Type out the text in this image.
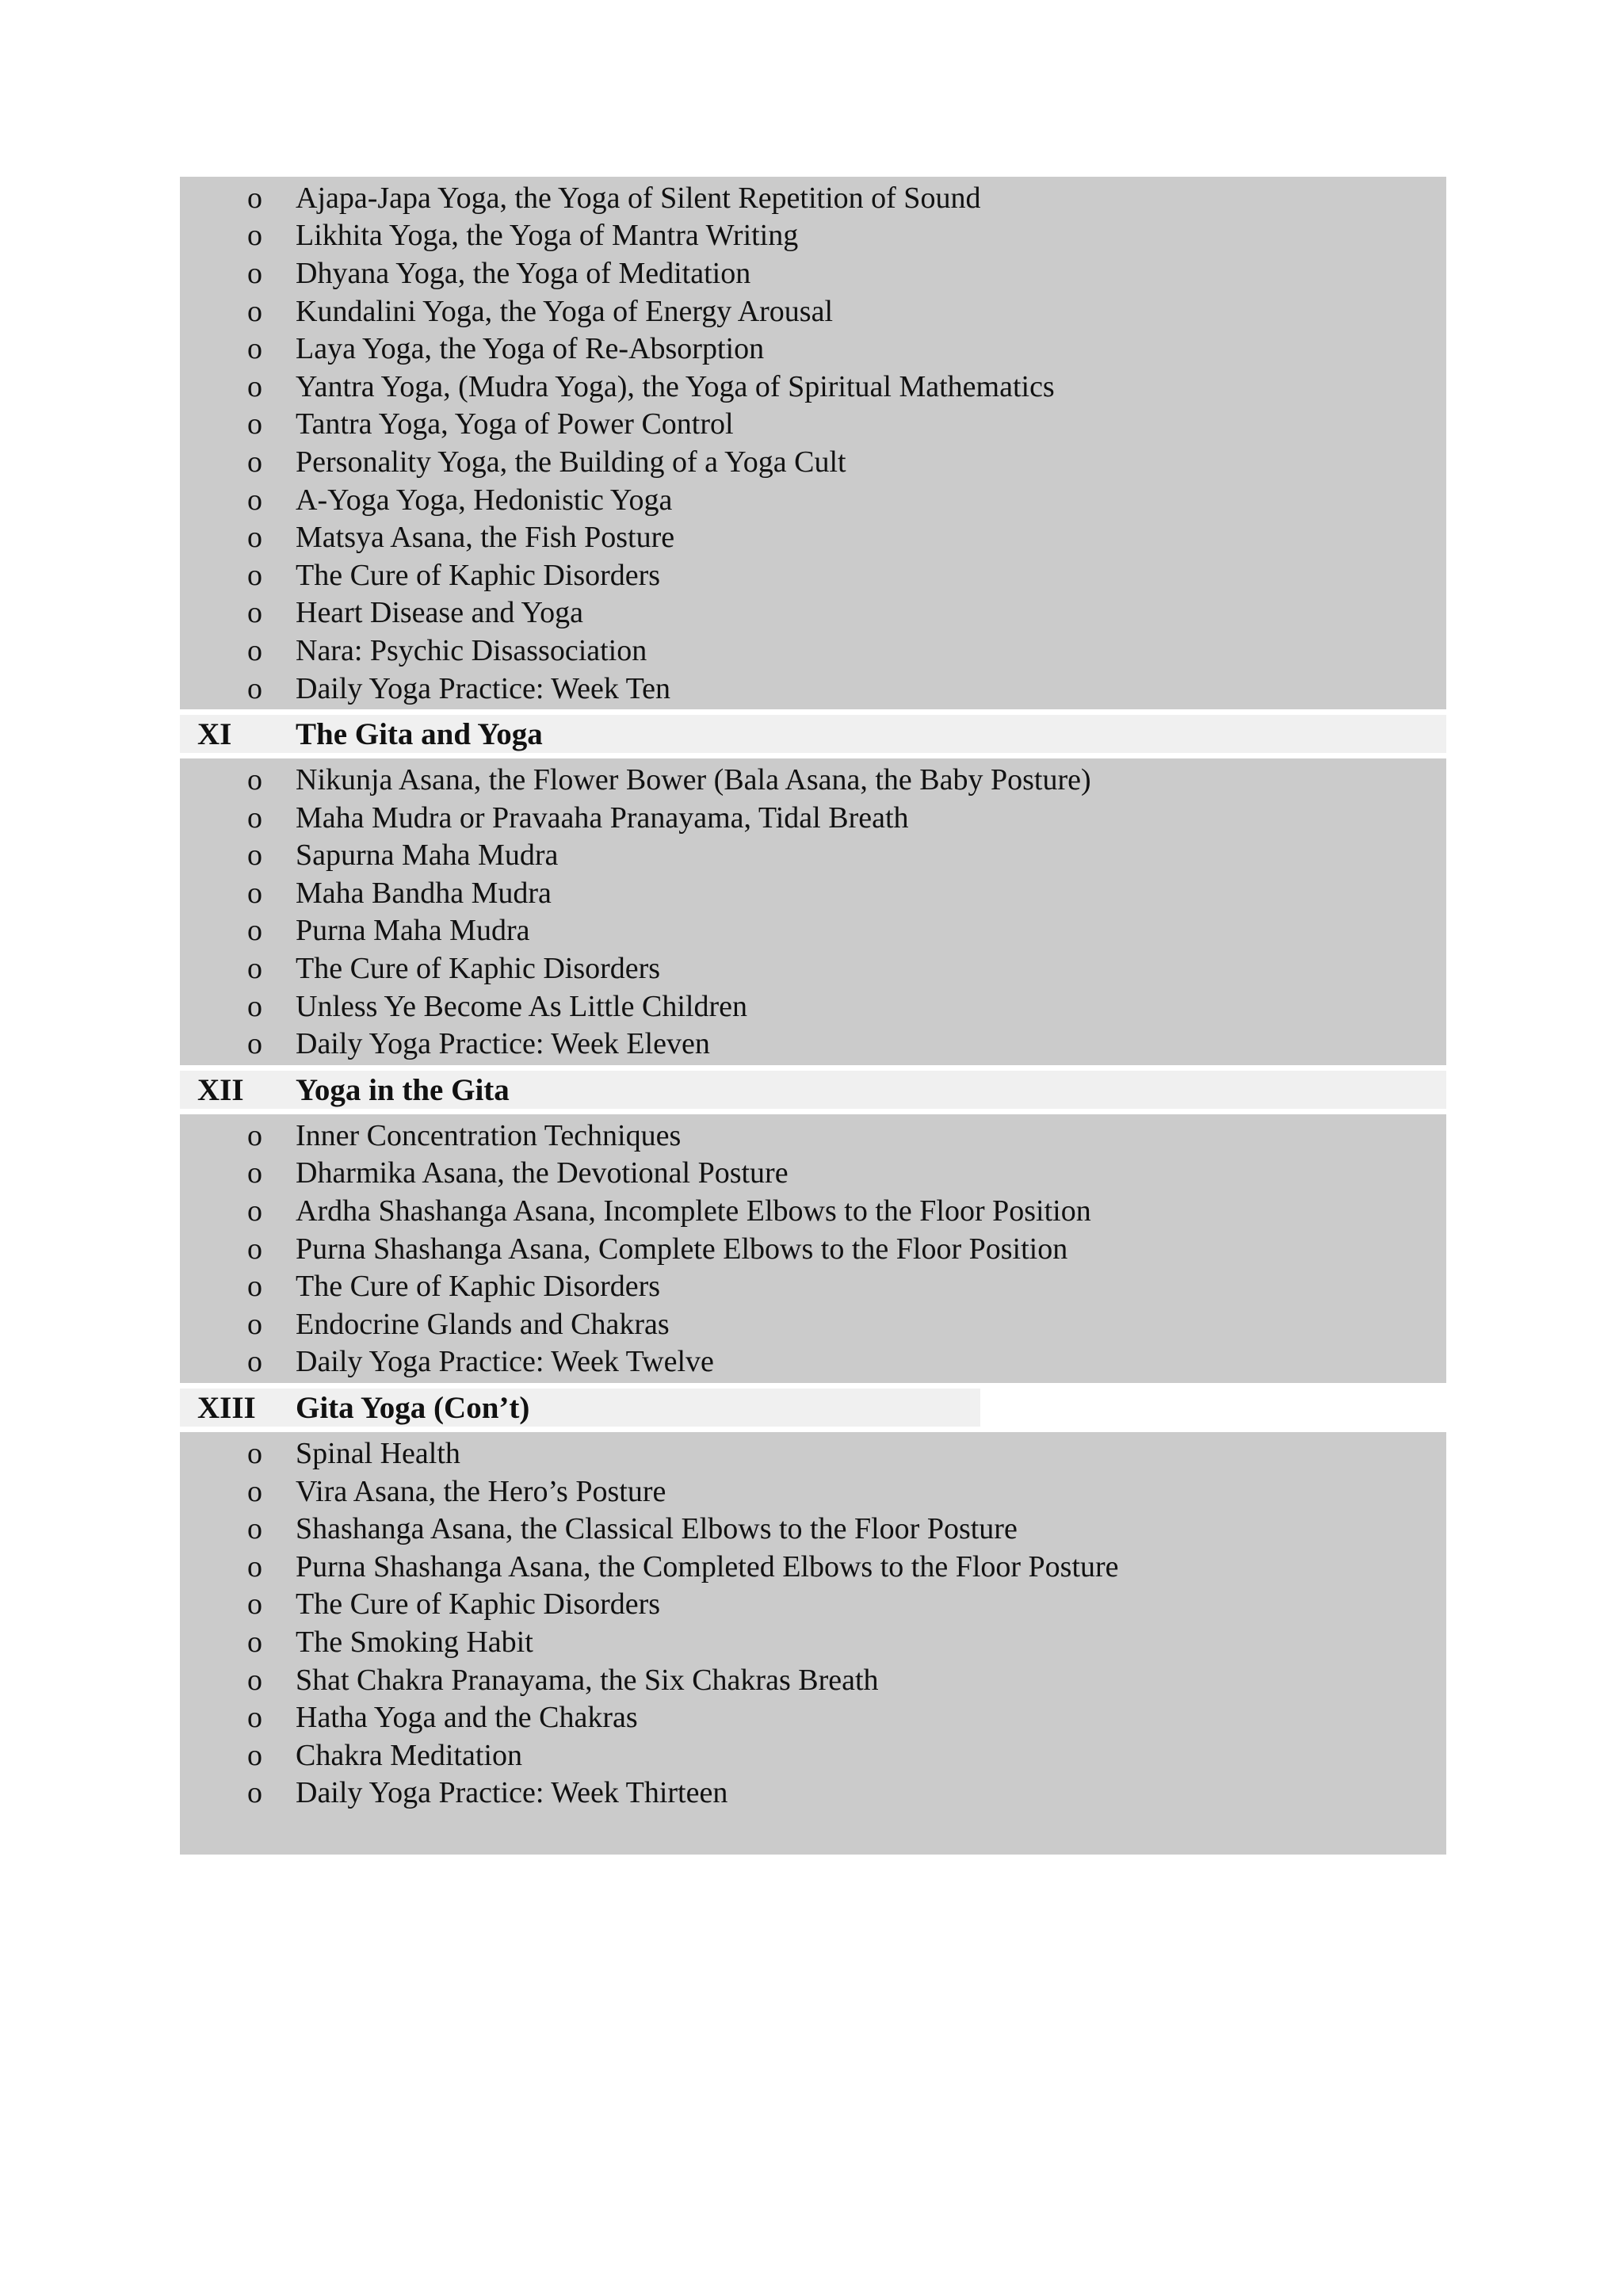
o	Ajapa-Japa Yoga, the Yoga of Silent Repetition of Sound
o	Likhita Yoga, the Yoga of Mantra Writing
o	Dhyana Yoga, the Yoga of Meditation
o	Kundalini Yoga, the Yoga of Energy Arousal
o	Laya Yoga, the Yoga of Re-Absorption
o	Yantra Yoga, (Mudra Yoga), the Yoga of Spiritual Mathematics
o	Tantra Yoga, Yoga of Power Control
o	Personality Yoga, the Building of a Yoga Cult
o	A-Yoga Yoga, Hedonistic Yoga
o	Matsya Asana, the Fish Posture
o	The Cure of Kaphic Disorders
o	Heart Disease and Yoga
o	Nara: Psychic Disassociation
o	Daily Yoga Practice: Week Ten
XI	The Gita and Yoga
o	Nikunja Asana, the Flower Bower (Bala Asana, the Baby Posture)
o	Maha Mudra or Pravaaha Pranayama, Tidal Breath
o	Sapurna Maha Mudra
o	Maha Bandha Mudra
o	Purna Maha Mudra
o	The Cure of Kaphic Disorders
o	Unless Ye Become As Little Children
o	Daily Yoga Practice: Week Eleven
XII	Yoga in the Gita
o	Inner Concentration Techniques
o	Dharmika Asana, the Devotional Posture
o	Ardha Shashanga Asana, Incomplete Elbows to the Floor Position
o	Purna Shashanga Asana, Complete Elbows to the Floor Position
o	The Cure of Kaphic Disorders
o	Endocrine Glands and Chakras
o	Daily Yoga Practice: Week Twelve
XIII	Gita Yoga (Con’t)
o	Spinal Health
o	Vira Asana, the Hero’s Posture
o	Shashanga Asana, the Classical Elbows to the Floor Posture
o	Purna Shashanga Asana, the Completed Elbows to the Floor Posture
o	The Cure of Kaphic Disorders
o	The Smoking Habit
o	Shat Chakra Pranayama, the Six Chakras Breath
o	Hatha Yoga and the Chakras
o	Chakra Meditation
o	Daily Yoga Practice: Week Thirteen
